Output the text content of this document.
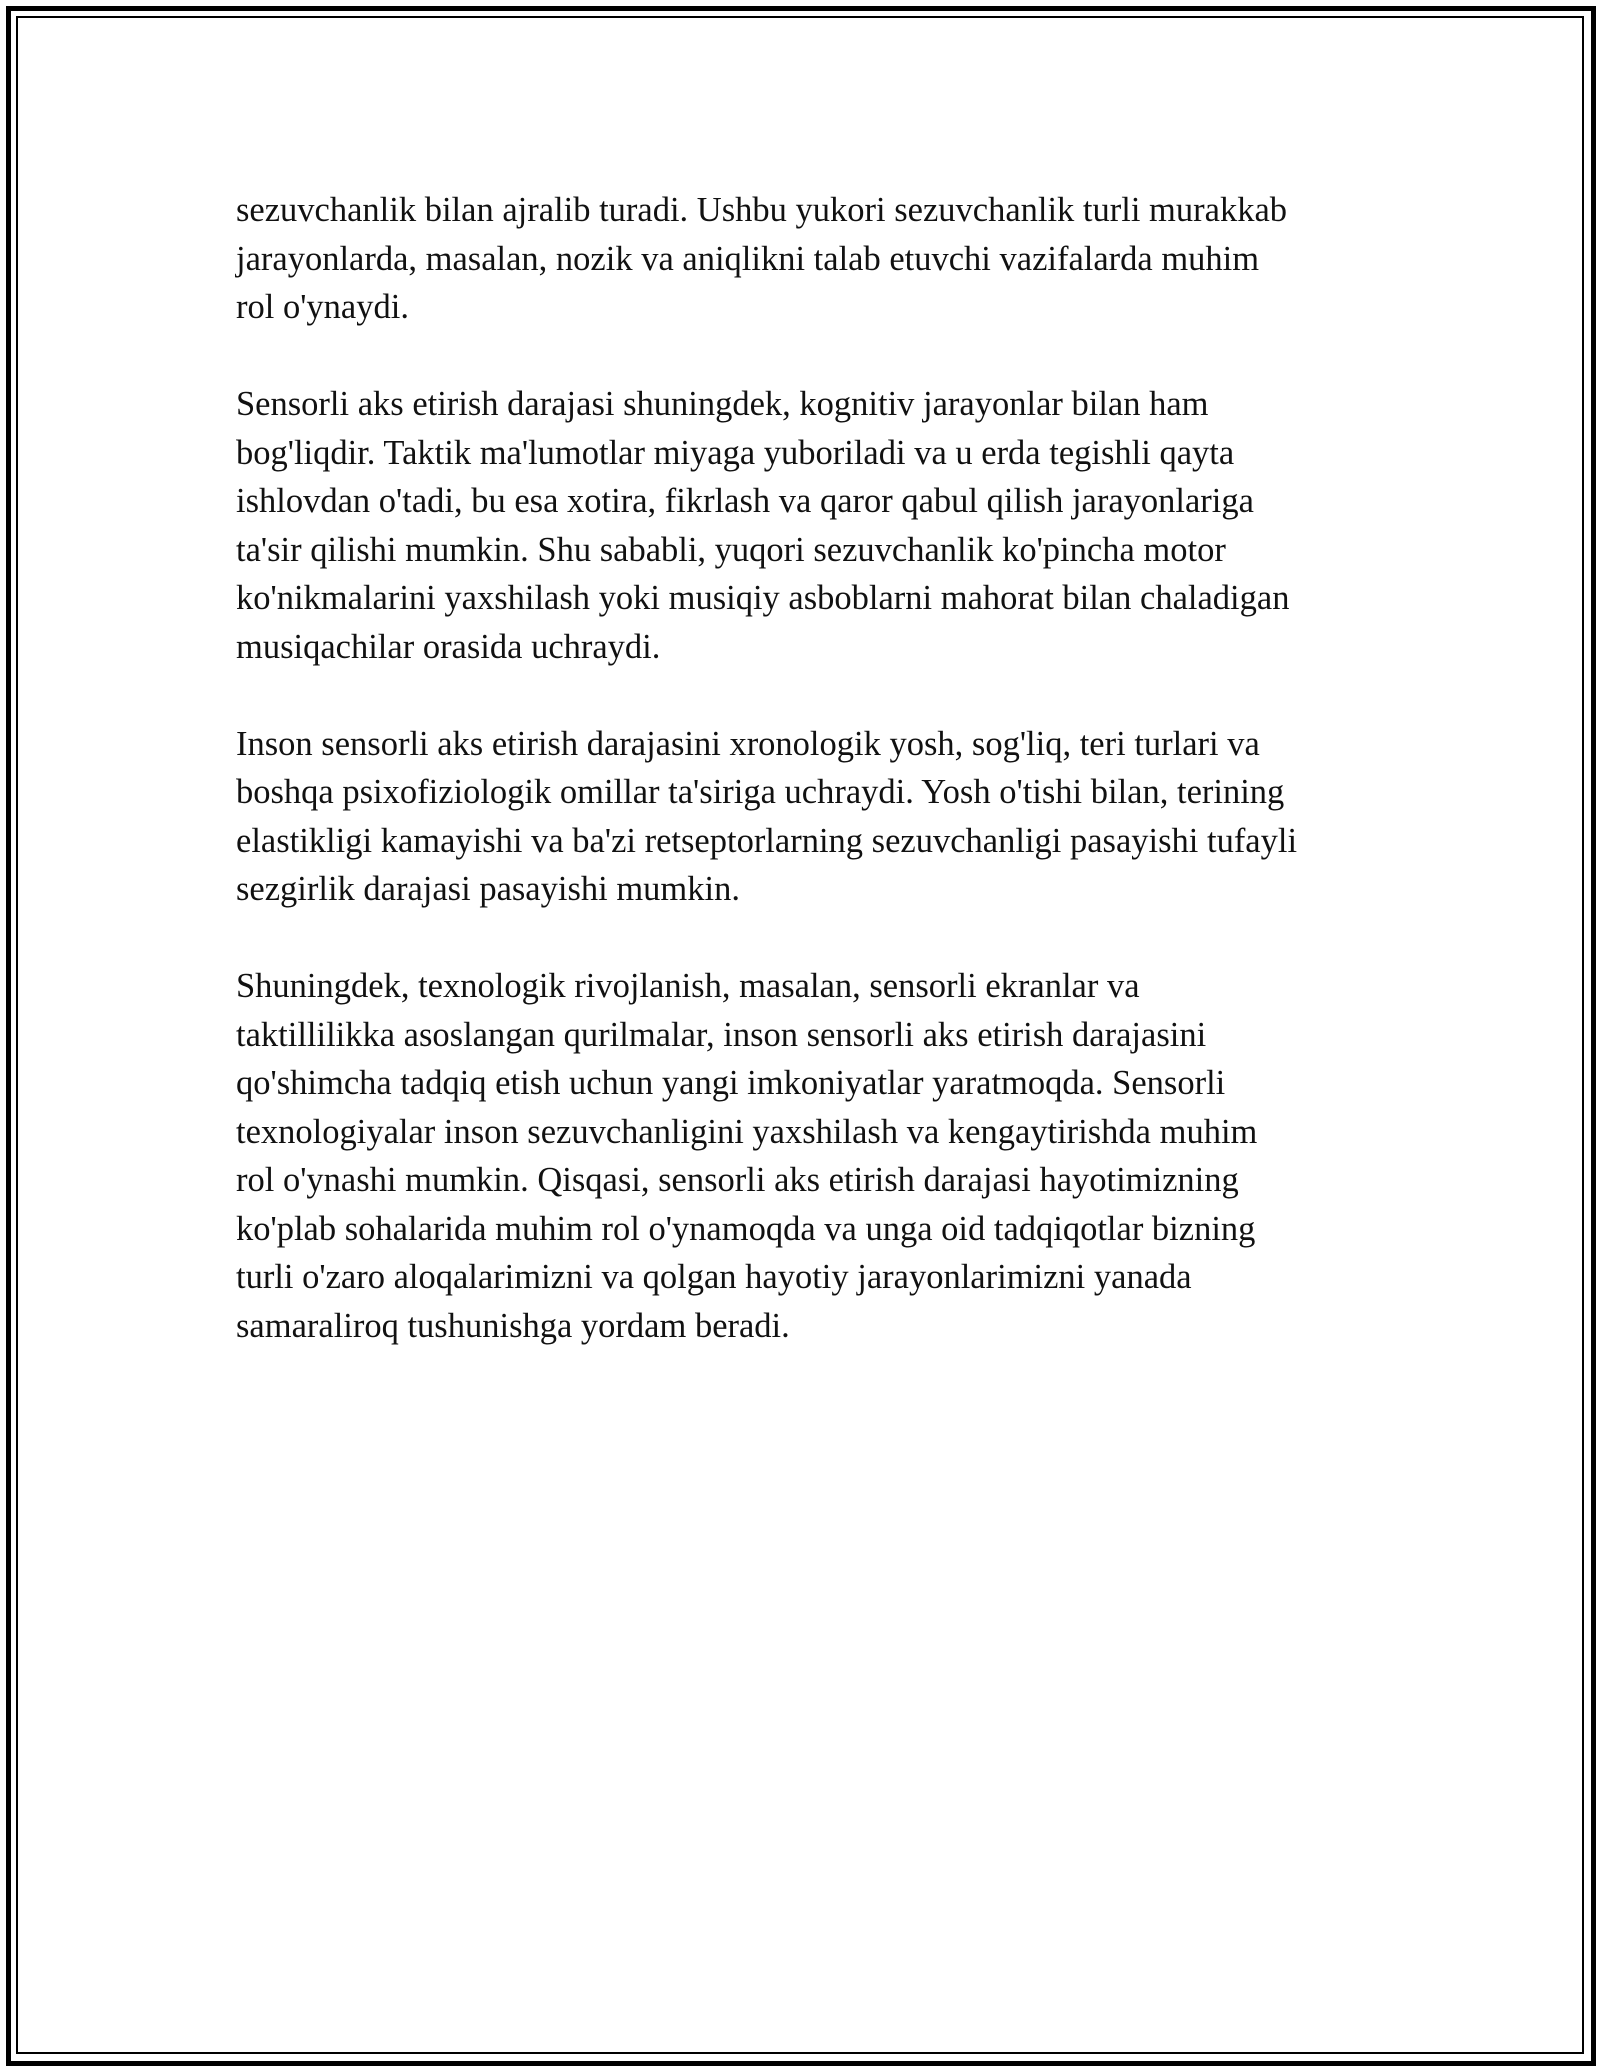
sezuvchanlik bilan ajralib turadi. Ushbu yukori sezuvchanlik turli murakkab
jarayonlarda, masalan, nozik va aniqlikni talab etuvchi vazifalarda muhim
rol o'ynaydi.

Sensorli aks etirish darajasi shuningdek, kognitiv jarayonlar bilan ham
bog'liqdir. Taktik ma'lumotlar miyaga yuboriladi va u erda tegishli qayta
ishlovdan o'tadi, bu esa xotira, fikrlash va qaror qabul qilish jarayonlariga
ta'sir qilishi mumkin. Shu sababli, yuqori sezuvchanlik ko'pincha motor
ko'nikmalarini yaxshilash yoki musiqiy asboblarni mahorat bilan chaladigan
musiqachilar orasida uchraydi.

Inson sensorli aks etirish darajasini xronologik yosh, sog'liq, teri turlari va
boshqa psixofiziologik omillar ta'siriga uchraydi. Yosh o'tishi bilan, terining
elastikligi kamayishi va ba'zi retseptorlarning sezuvchanligi pasayishi tufayli
sezgirlik darajasi pasayishi mumkin.

Shuningdek, texnologik rivojlanish, masalan, sensorli ekranlar va
taktillilikka asoslangan qurilmalar, inson sensorli aks etirish darajasini
qo'shimcha tadqiq etish uchun yangi imkoniyatlar yaratmoqda. Sensorli
texnologiyalar inson sezuvchanligini yaxshilash va kengaytirishda muhim
rol o'ynashi mumkin. Qisqasi, sensorli aks etirish darajasi hayotimizning
ko'plab sohalarida muhim rol o'ynamoqda va unga oid tadqiqotlar bizning
turli o'zaro aloqalarimizni va qolgan hayotiy jarayonlarimizni yanada
samaraliroq tushunishga yordam beradi.
